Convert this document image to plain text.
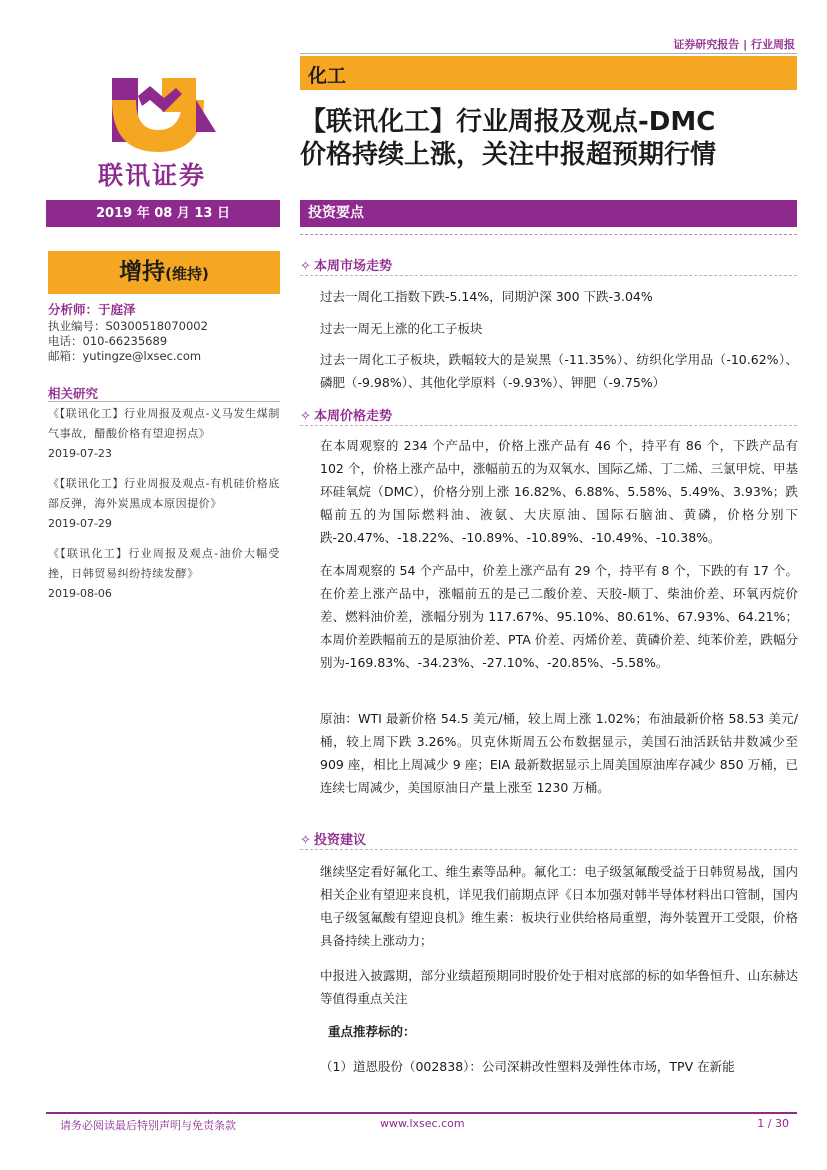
证券研究报告 | 行业周报
联讯证券
化工
【联讯化工】行业周报及观点-DMC
价格持续上涨，关注中报超预期行情
2019 年 08 月 13 日	投资要点
增持(维持)
分析师：于庭泽
执业编号：S0300518070002
电话：010-66235689
邮箱：yutingze@lxsec.com
相关研究
《【联讯化工】行业周报及观点-义马发生煤制气事故，醋酸价格有望迎拐点》
2019-07-23
《【联讯化工】行业周报及观点-有机硅价格底部反弹，海外炭黑成本原因提价》
2019-07-29
《【联讯化工】行业周报及观点-油价大幅受挫，日韩贸易纠纷持续发酵》
2019-08-06
✧ 本周市场走势
过去一周化工指数下跌-5.14%，同期沪深 300 下跌-3.04%
过去一周无上涨的化工子板块
过去一周化工子板块，跌幅较大的是炭黑（-11.35%）、纺织化学用品（-10.62%）、磷肥（-9.98%）、其他化学原料（-9.93%）、钾肥（-9.75%）
✧ 本周价格走势
在本周观察的 234 个产品中，价格上涨产品有 46 个，持平有 86 个，下跌产品有 102 个，价格上涨产品中，涨幅前五的为双氧水、国际乙烯、丁二烯、三氯甲烷、甲基环硅氧烷（DMC），价格分别上涨 16.82%、6.88%、5.58%、5.49%、3.93%；跌幅前五的为国际燃料油、液氨、大庆原油、国际石脑油、黄磷，价格分别下跌-20.47%、-18.22%、-10.89%、-10.89%、-10.49%、-10.38%。
在本周观察的 54 个产品中，价差上涨产品有 29 个，持平有 8 个，下跌的有 17 个。在价差上涨产品中，涨幅前五的是己二酸价差、天胶-顺丁、柴油价差、环氧丙烷价差、燃料油价差，涨幅分别为 117.67%、95.10%、80.61%、67.93%、64.21%；本周价差跌幅前五的是原油价差、PTA 价差、丙烯价差、黄磷价差、纯苯价差，跌幅分别为-169.83%、-34.23%、-27.10%、-20.85%、-5.58%。
原油：WTI 最新价格 54.5 美元/桶，较上周上涨 1.02%；布油最新价格 58.53 美元/桶，较上周下跌 3.26%。贝克休斯周五公布数据显示，美国石油活跃钻井数减少至 909 座，相比上周减少 9 座；EIA 最新数据显示上周美国原油库存减少 850 万桶，已连续七周减少，美国原油日产量上涨至 1230 万桶。
✧ 投资建议
继续坚定看好氟化工、维生素等品种。氟化工：电子级氢氟酸受益于日韩贸易战，国内相关企业有望迎来良机，详见我们前期点评《日本加强对韩半导体材料出口管制，国内电子级氢氟酸有望迎良机》维生素：板块行业供给格局重塑，海外装置开工受限，价格具备持续上涨动力；
中报进入披露期，部分业绩超预期同时股价处于相对底部的标的如华鲁恒升、山东赫达等值得重点关注
重点推荐标的：
（1）道恩股份（002838）：公司深耕改性塑料及弹性体市场，TPV 在新能
请务必阅读最后特别声明与免责条款	www.lxsec.com	1 / 30
